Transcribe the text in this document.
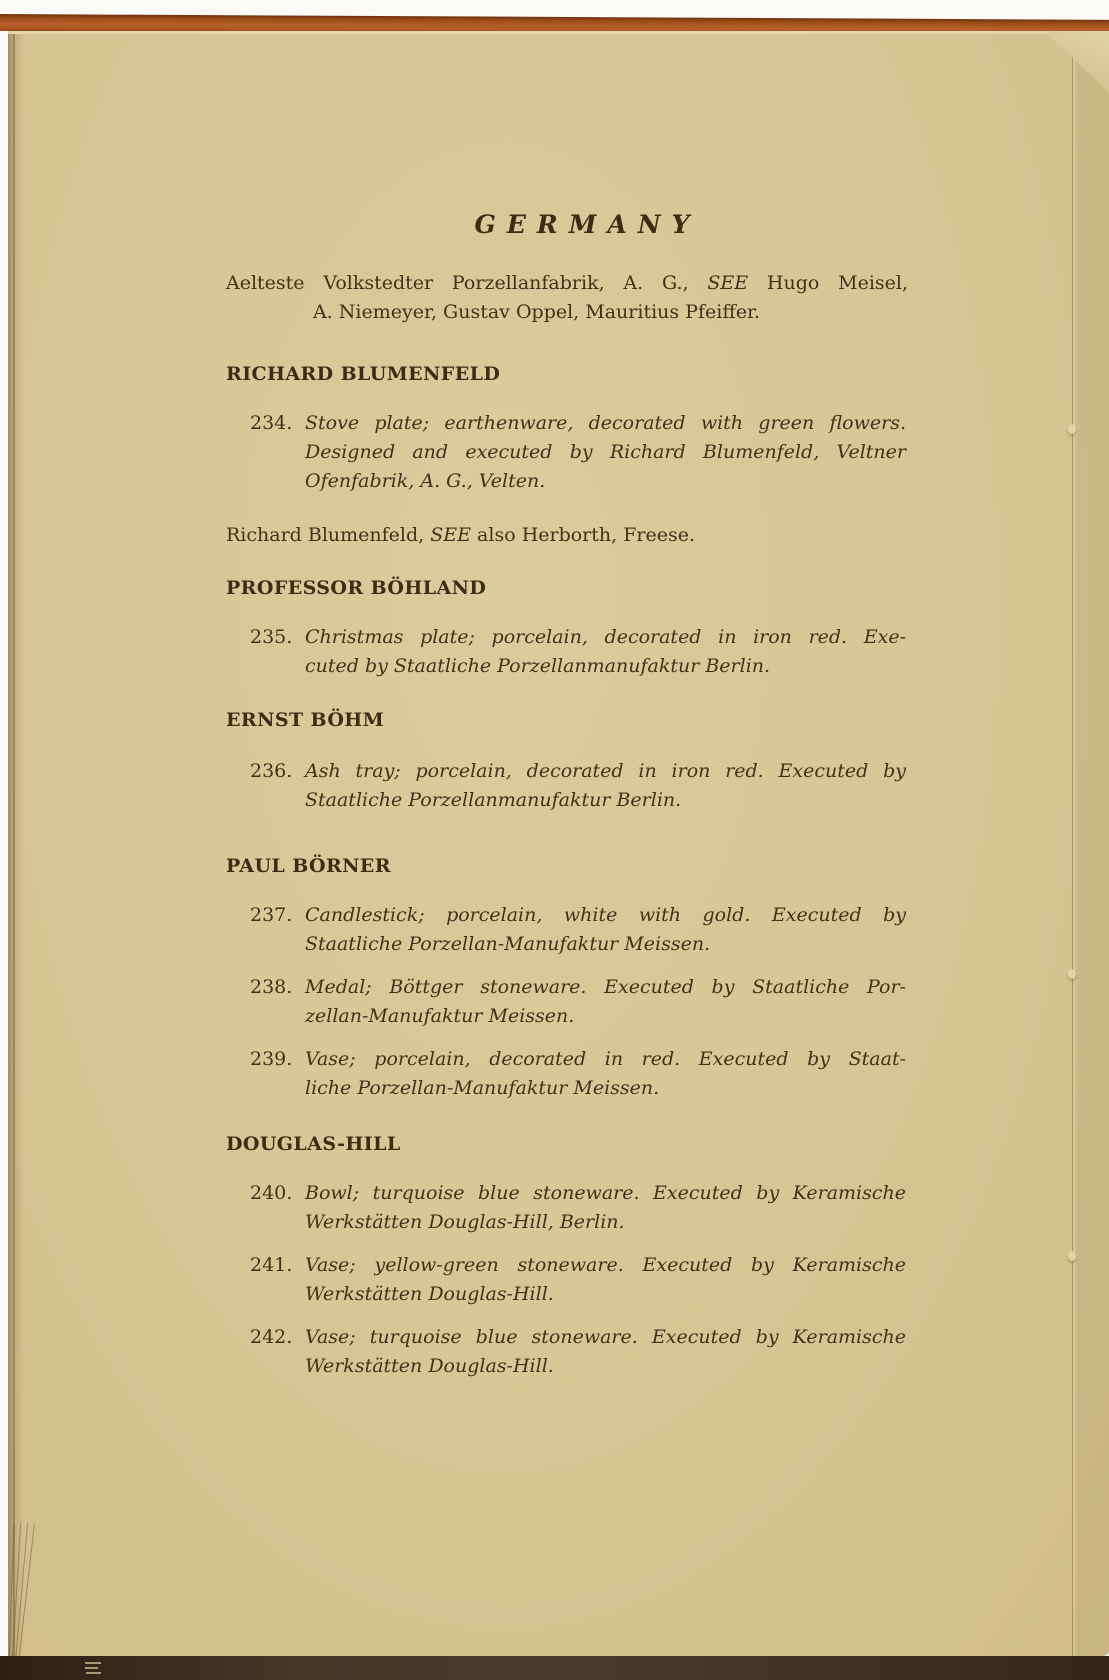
GERMANY
Aelteste Volkstedter Porzellanfabrik, A. G., SEE Hugo Meisel,
A. Niemeyer, Gustav Oppel, Mauritius Pfeiffer.
RICHARD BLUMENFELD
234. Stove plate; earthenware, decorated with green flowers.
Designed and executed by Richard Blumenfeld, Veltner
Ofenfabrik, A. G., Velten.
Richard Blumenfeld, SEE also Herborth, Freese.
PROFESSOR BÖHLAND
235. Christmas plate; porcelain, decorated in iron red. Exe-
cuted by Staatliche Porzellanmanufaktur Berlin.
ERNST BÖHM
236. Ash tray; porcelain, decorated in iron red. Executed by
Staatliche Porzellanmanufaktur Berlin.
PAUL BÖRNER
237. Candlestick; porcelain, white with gold. Executed by
Staatliche Porzellan-Manufaktur Meissen.
238. Medal; Böttger stoneware. Executed by Staatliche Por-
zellan-Manufaktur Meissen.
239. Vase; porcelain, decorated in red. Executed by Staat-
liche Porzellan-Manufaktur Meissen.
DOUGLAS-HILL
240. Bowl; turquoise blue stoneware. Executed by Keramische
Werkstätten Douglas-Hill, Berlin.
241. Vase; yellow-green stoneware. Executed by Keramische
Werkstätten Douglas-Hill.
242. Vase; turquoise blue stoneware. Executed by Keramische
Werkstätten Douglas-Hill.
